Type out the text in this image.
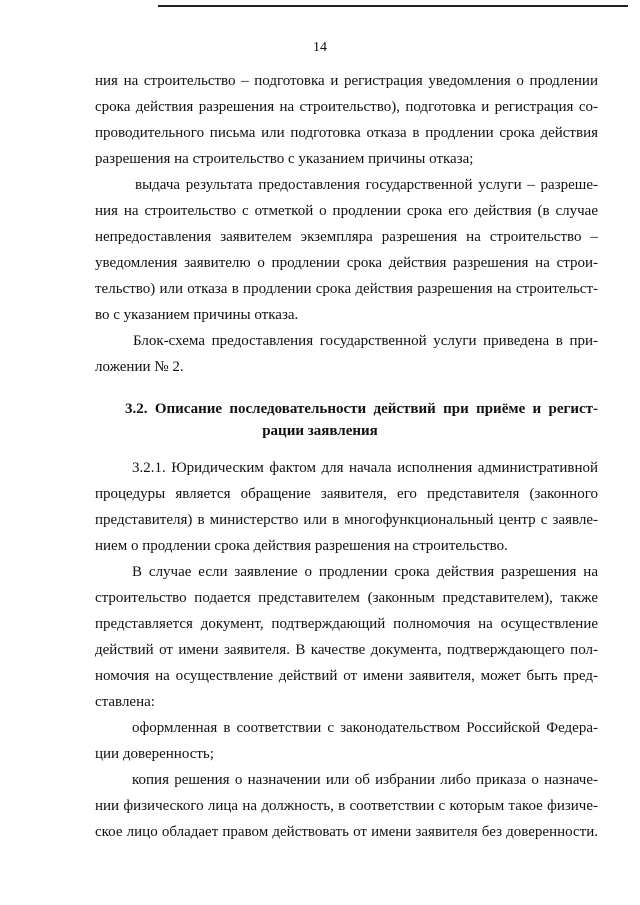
14
ния на строительство – подготовка и регистрация уведомления о продлении
срока действия разрешения на строительство), подготовка и регистрация со-
проводительного письма или подготовка отказа в продлении срока действия
разрешения на строительство с указанием причины отказа;
выдача результата предоставления государственной услуги – разреше-
ния на строительство с отметкой о продлении срока его действия (в случае
непредоставления заявителем экземпляра разрешения на строительство –
уведомления заявителю о продлении срока действия разрешения на строи-
тельство) или отказа в продлении срока действия разрешения на строительст-
во с указанием причины отказа.
Блок-схема предоставления государственной услуги приведена в при-
ложении № 2.
3.2. Описание последовательности действий при приёме и регист-
рации заявления
3.2.1. Юридическим фактом для начала исполнения административной
процедуры является обращение заявителя, его представителя (законного
представителя) в министерство или в многофункциональный центр с заявле-
нием о продлении срока действия разрешения на строительство.
В случае если заявление о продлении срока действия разрешения на
строительство подается представителем (законным представителем), также
представляется документ, подтверждающий полномочия на осуществление
действий от имени заявителя. В качестве документа, подтверждающего пол-
номочия на осуществление действий от имени заявителя, может быть пред-
ставлена:
оформленная в соответствии с законодательством Российской Федера-
ции доверенность;
копия решения о назначении или об избрании либо приказа о назначе-
нии физического лица на должность, в соответствии с которым такое физиче-
ское лицо обладает правом действовать от имени заявителя без доверенности.
